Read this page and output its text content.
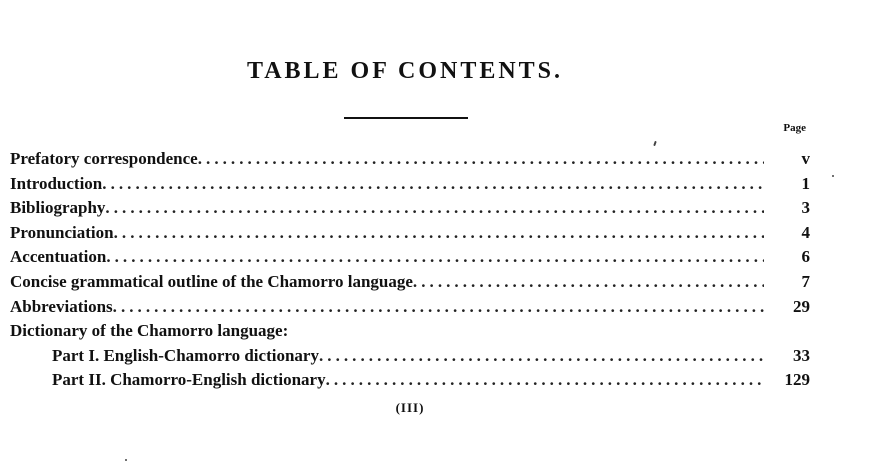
TABLE OF CONTENTS.
Page
Prefatory correspondence . . .	v
Introduction . . .	1
Bibliography . . .	3
Pronunciation . . .	4
Accentuation . . .	6
Concise grammatical outline of the Chamorro language . . .	7
Abbreviations . . .	29
Dictionary of the Chamorro language:
Part I. English-Chamorro dictionary . . .	33
Part II. Chamorro-English dictionary . . .	129
(III)
